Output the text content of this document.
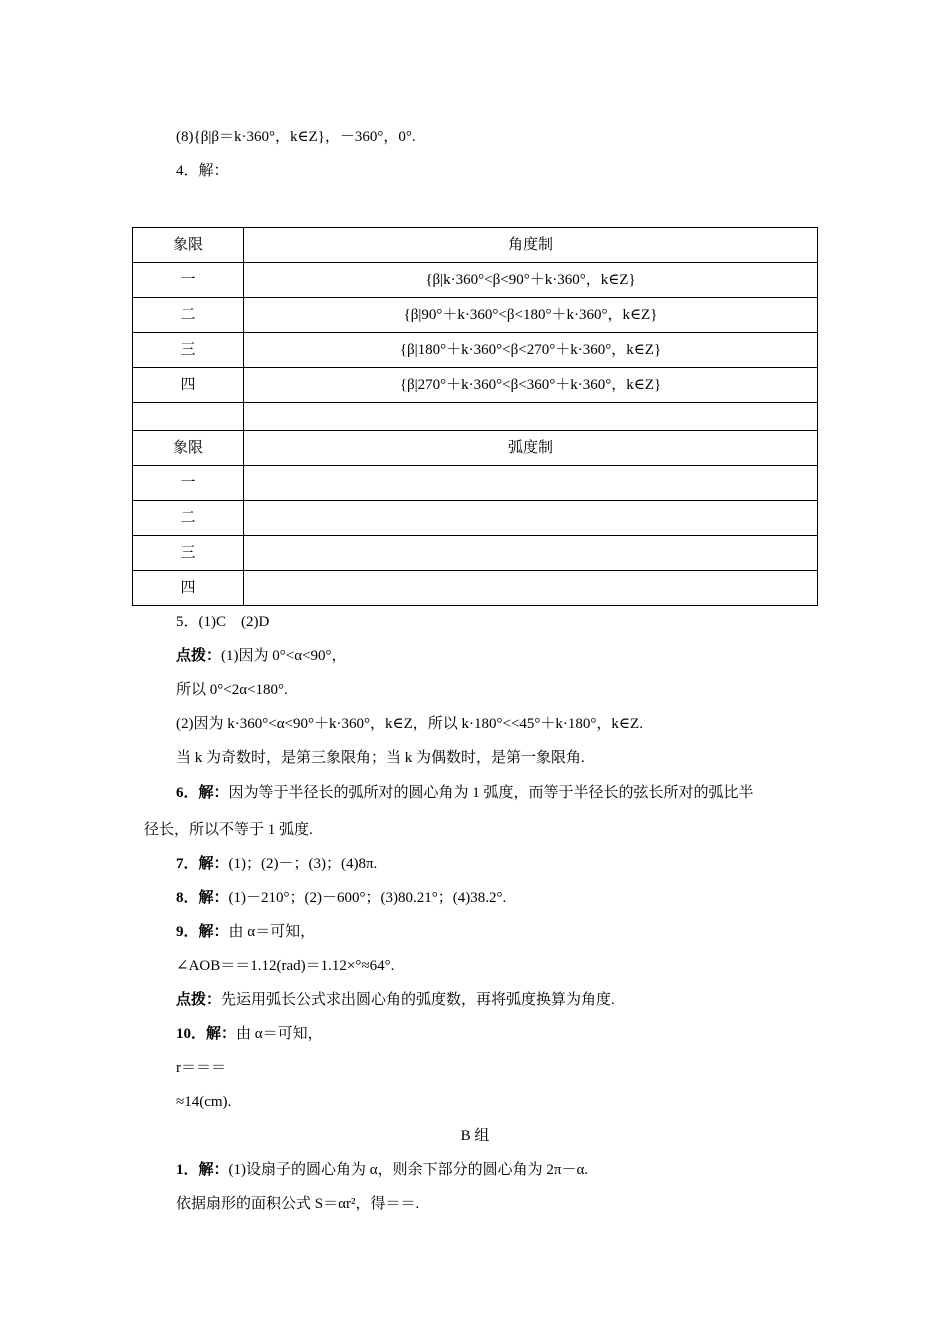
(8){β|β＝k·360°，k∈Z}，－360°，0°.
4．解：
象限	角度制
一	{β|k·360°<β<90°＋k·360°，k∈Z}
二	{β|90°＋k·360°<β<180°＋k·360°，k∈Z}
三	{β|180°＋k·360°<β<270°＋k·360°，k∈Z}
四	{β|270°＋k·360°<β<360°＋k·360°，k∈Z}

象限	弧度制
一	
二	
三	
四	
5．(1)C　(2)D
点拨：(1)因为 0°<α<90°，
所以 0°<2α<180°.
(2)因为 k·360°<α<90°＋k·360°，k∈Z，所以 k·180°<<45°＋k·180°，k∈Z.
当 k 为奇数时，是第三象限角；当 k 为偶数时，是第一象限角.
6．解：因为等于半径长的弧所对的圆心角为 1 弧度，而等于半径长的弦长所对的弧比半
径长，所以不等于 1 弧度.
7．解：(1)；(2)－；(3)；(4)8π.
8．解：(1)－210°；(2)－600°；(3)80.21°；(4)38.2°.
9．解：由 α＝可知，
∠AOB＝＝1.12(rad)＝1.12×°≈64°.
点拨：先运用弧长公式求出圆心角的弧度数，再将弧度换算为角度.
10．解：由 α＝可知，
r＝＝＝
≈14(cm).
B 组
1．解：(1)设扇子的圆心角为 α，则余下部分的圆心角为 2π－α.
依据扇形的面积公式 S＝αr²，得＝＝.
